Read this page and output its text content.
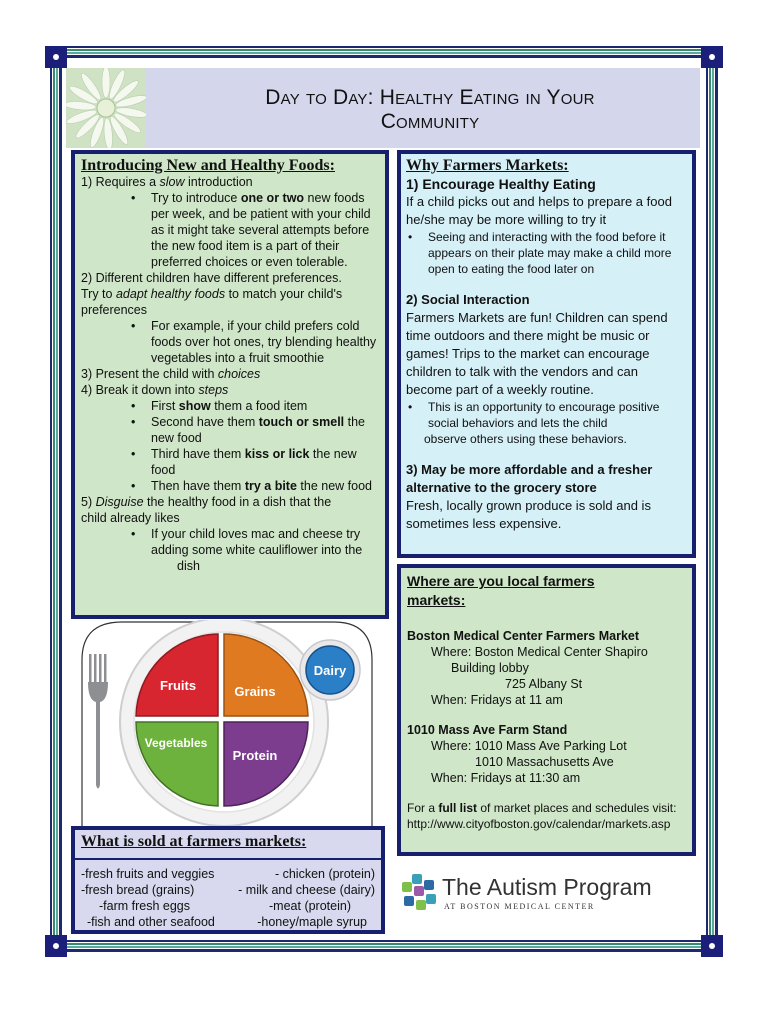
Day to Day: Healthy Eating in Your
Community
Introducing New and Healthy Foods:
1) Requires a slow introduction
• Try to introduce one or two new foods
per week, and be patient with your child
as it might take several attempts before
the new food item is a part of their
preferred choices or even tolerable.
2) Different children have different preferences.
Try to adapt healthy foods to match your child's
preferences
• For example, if your child prefers cold
foods over hot ones, try blending healthy
vegetables into a fruit smoothie
3) Present the child with choices
4) Break it down into steps
• First show them a food item
• Second have them touch or smell the
new food
• Third have them kiss or lick the new
food
• Then have them try a bite the new food
5) Disguise the healthy food in a dish that the
child already likes
• If your child loves mac and cheese try
adding some white cauliflower into the
dish
Fruits	Grains
Vegetables
Protein
Dairy
What is sold at farmers markets:
-fresh fruits and veggies	- chicken (protein)
-fresh bread (grains)	- milk and cheese (dairy)
-farm fresh eggs	-meat (protein)
-fish and other seafood	-honey/maple syrup
Why Farmers Markets:
1) Encourage Healthy Eating
If a child picks out and helps to prepare a food
he/she may be more willing to try it
• Seeing and interacting with the food before it
appears on their plate may make a child more
open to eating the food later on
2) Social Interaction
Farmers Markets are fun! Children can spend
time outdoors and there might be music or
games! Trips to the market can encourage
children to talk with the vendors and can
become part of a weekly routine.
• This is an opportunity to encourage positive
social behaviors and lets the child
observe others using these behaviors.
3) May be more affordable and a fresher
alternative to the grocery store
Fresh, locally grown produce is sold and is
sometimes less expensive.
Where are you local farmers
markets:
Boston Medical Center Farmers Market
Where: Boston Medical Center Shapiro
Building lobby
725 Albany St
When: Fridays at 11 am
1010 Mass Ave Farm Stand
Where: 1010 Mass Ave Parking Lot
1010 Massachusetts Ave
When: Fridays at 11:30 am
For a full list of market places and schedules visit:
http://www.cityofboston.gov/calendar/markets.asp
The Autism Program
AT BOSTON MEDICAL CENTER
